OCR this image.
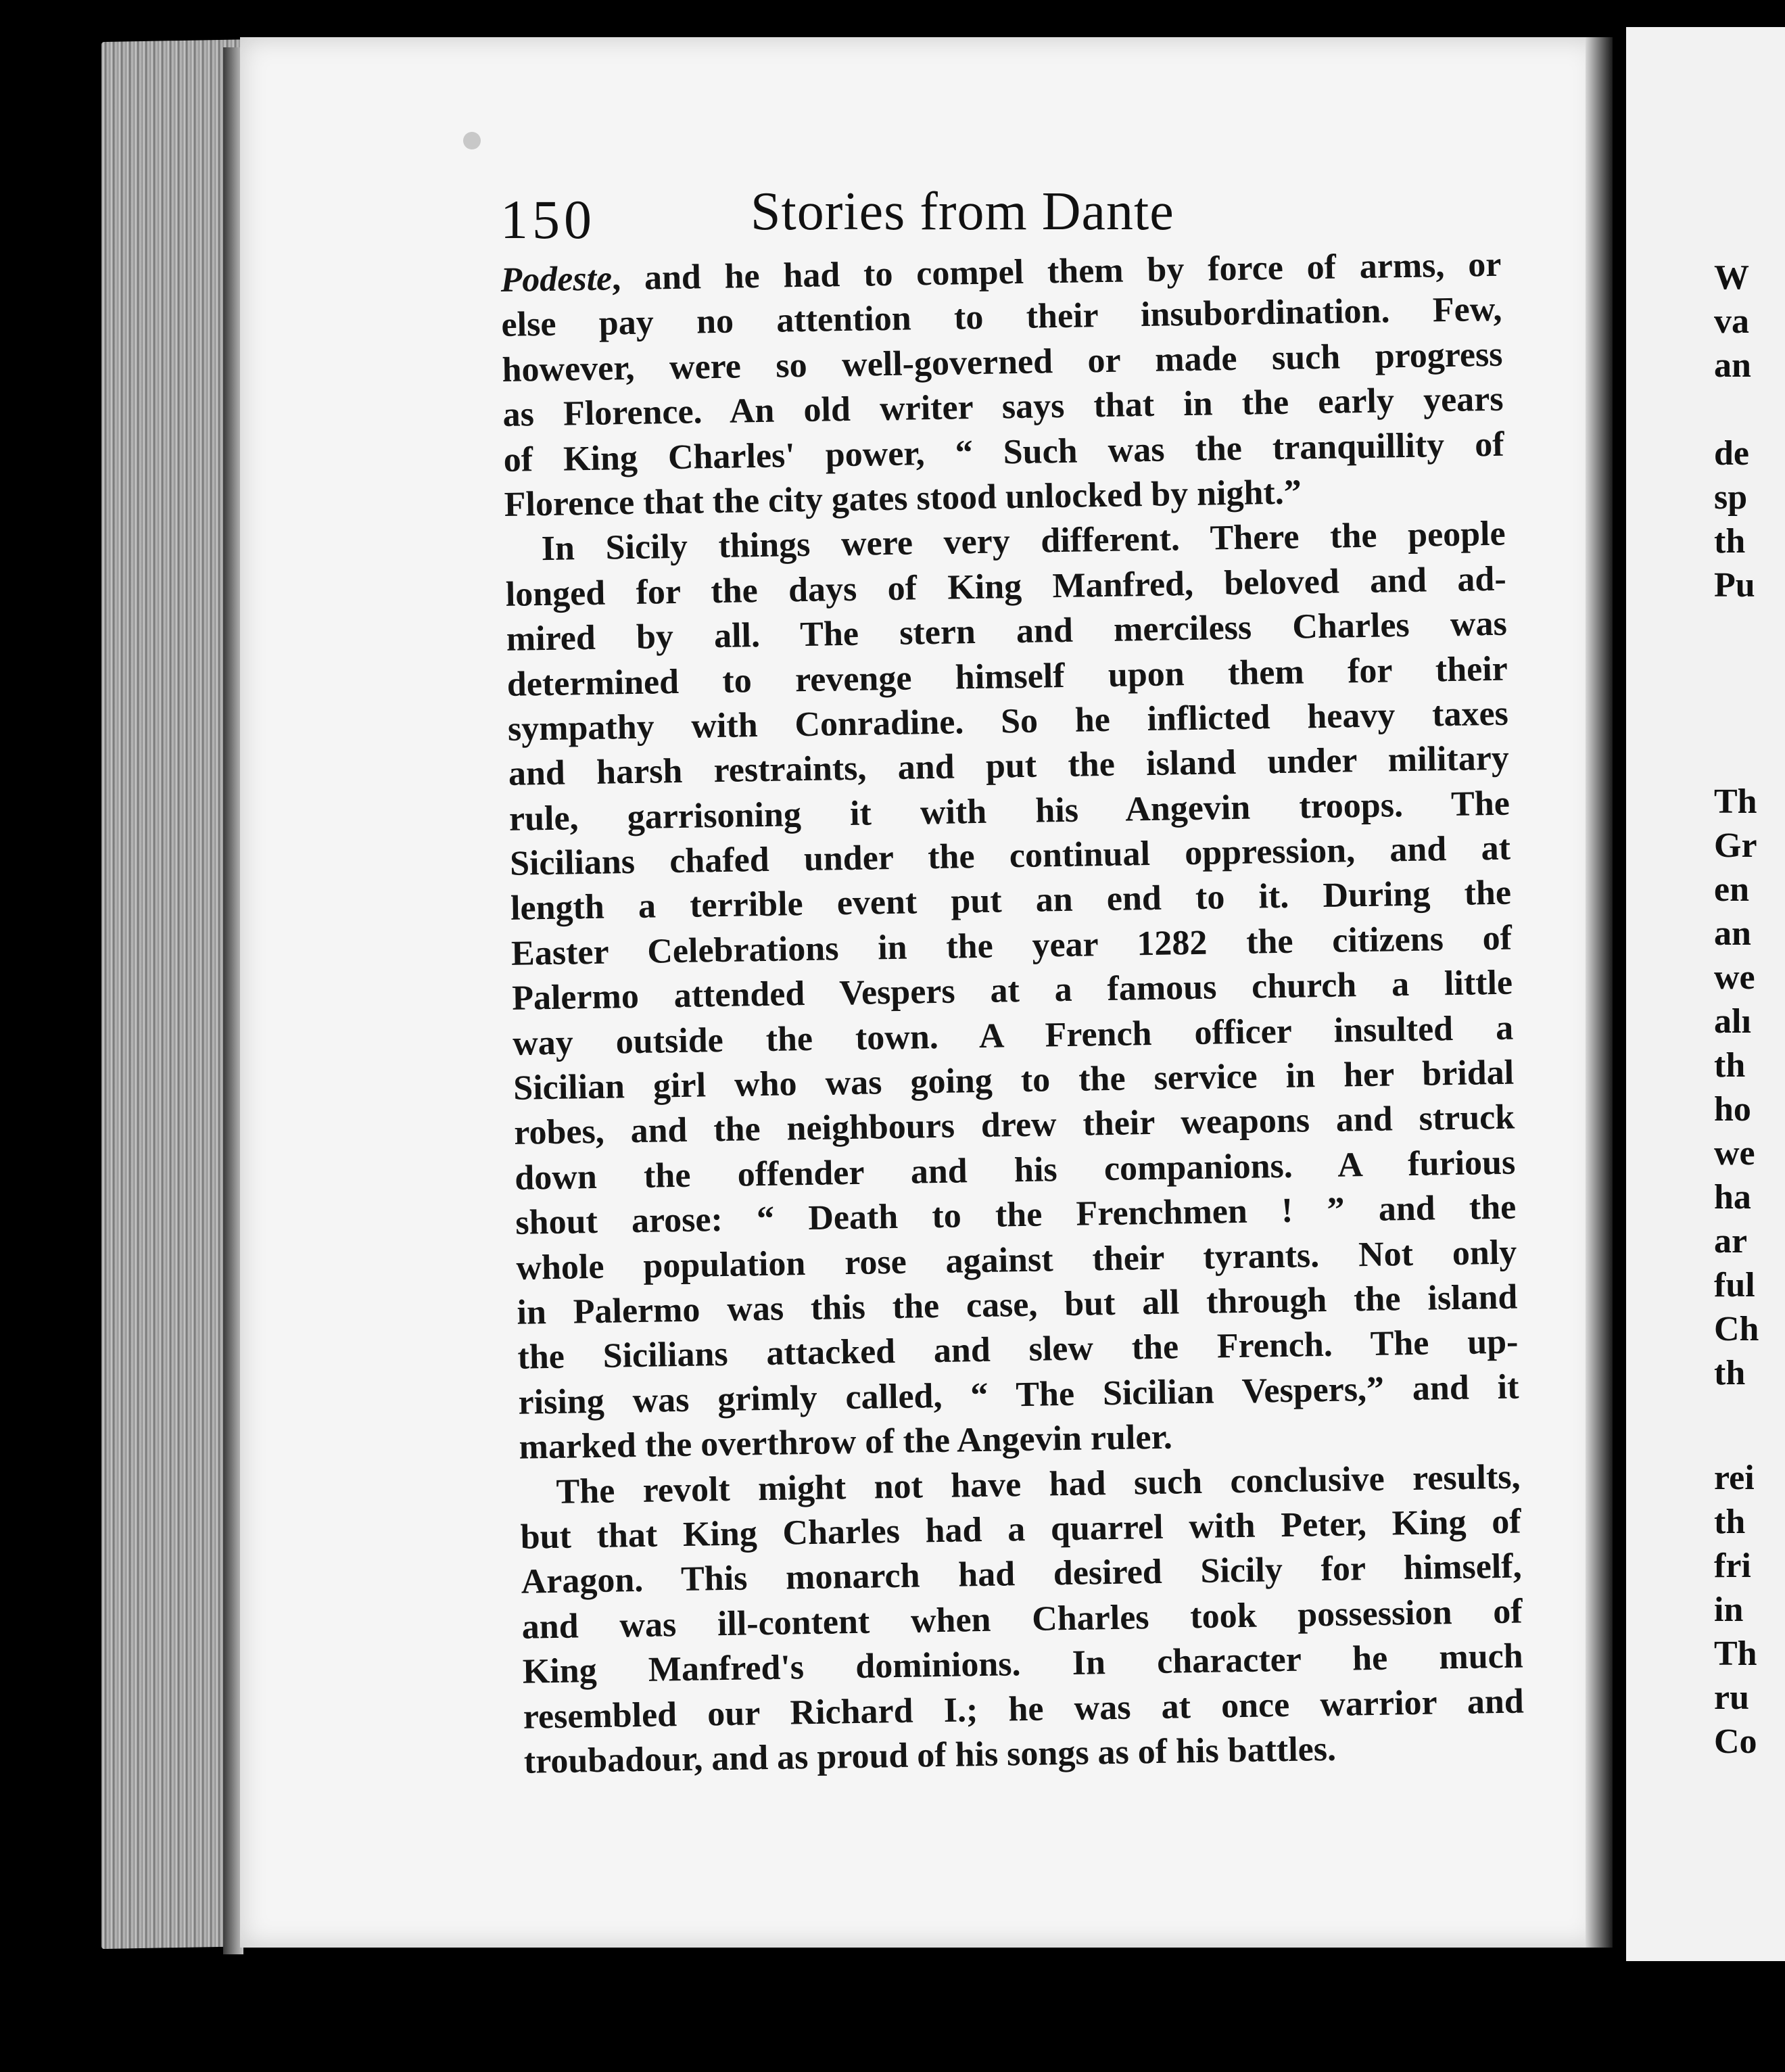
W
va
an
de
sp
th
Pu
Th
Gr
en
an
we
alı
th
ho
we
ha
ar
ful
Ch
th
rei
th
fri
in
Th
ru
Co
150	Stories from Dante
Podeste, and he had to compel them by force of arms, or
else pay no attention to their insubordination. Few,
however, were so well-governed or made such progress
as Florence. An old writer says that in the early years
of King Charles' power, “ Such was the tranquillity of
Florence that the city gates stood unlocked by night.”
In Sicily things were very different. There the people
longed for the days of King Manfred, beloved and ad-
mired by all. The stern and merciless Charles was
determined to revenge himself upon them for their
sympathy with Conradine. So he inflicted heavy taxes
and harsh restraints, and put the island under military
rule, garrisoning it with his Angevin troops. The
Sicilians chafed under the continual oppression, and at
length a terrible event put an end to it. During the
Easter Celebrations in the year 1282 the citizens of
Palermo attended Vespers at a famous church a little
way outside the town. A French officer insulted a
Sicilian girl who was going to the service in her bridal
robes, and the neighbours drew their weapons and struck
down the offender and his companions. A furious
shout arose: “ Death to the Frenchmen ! ” and the
whole population rose against their tyrants. Not only
in Palermo was this the case, but all through the island
the Sicilians attacked and slew the French. The up-
rising was grimly called, “ The Sicilian Vespers,” and it
marked the overthrow of the Angevin ruler.
The revolt might not have had such conclusive results,
but that King Charles had a quarrel with Peter, King of
Aragon. This monarch had desired Sicily for himself,
and was ill-content when Charles took possession of
King Manfred's dominions. In character he much
resembled our Richard I.; he was at once warrior and
troubadour, and as proud of his songs as of his battles.
